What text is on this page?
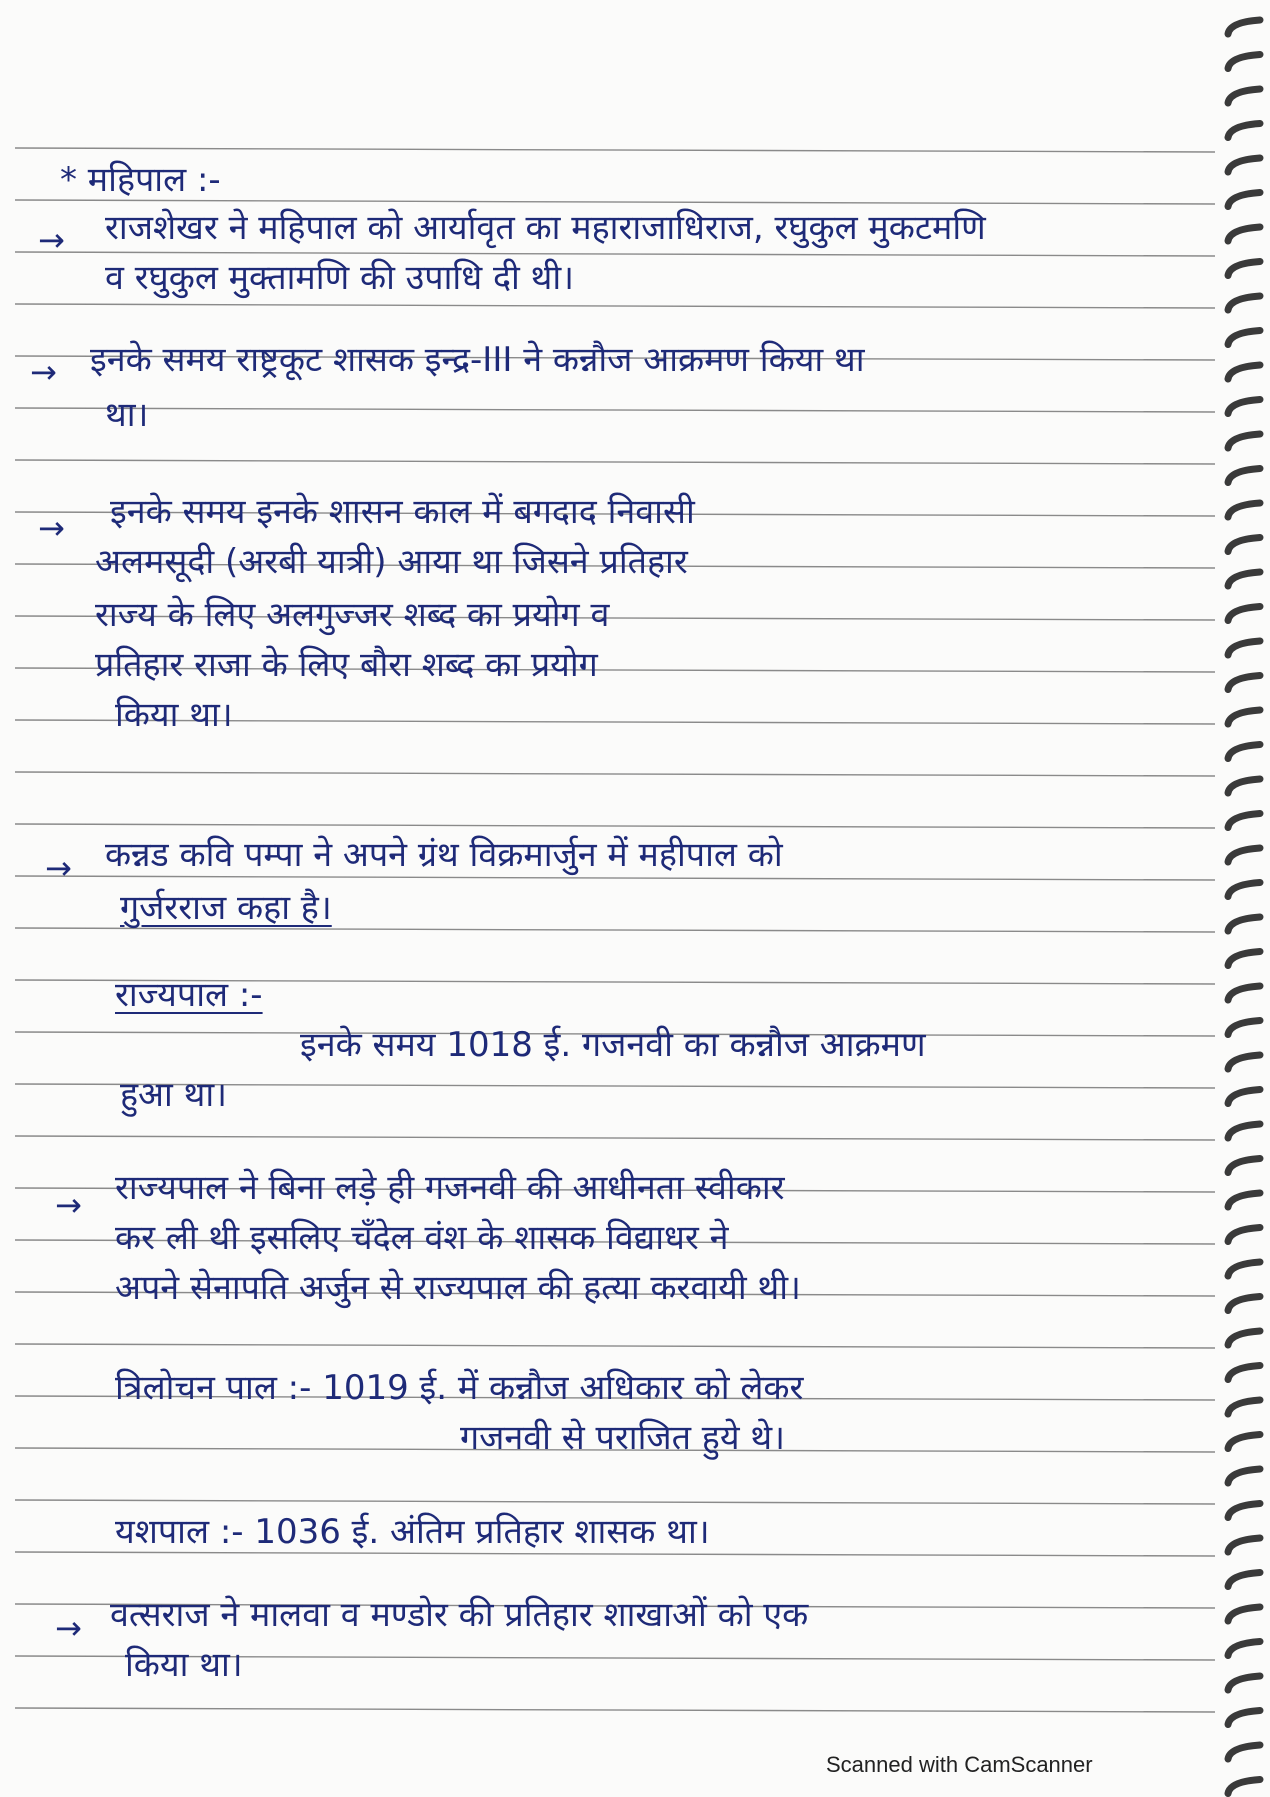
* महिपाल :-
→ राजशेखर ने महिपाल को आर्यावृत का महाराजाधिराज, रघुकुल मुकटमणि
व रघुकुल मुक्तामणि की उपाधि दी थी।
→ इनके समय राष्ट्रकूट शासक इन्द्र-III ने कन्नौज आक्रमण किया था
था।
→ इनके समय इनके शासन काल में बगदाद निवासी
अलमसूदी (अरबी यात्री) आया था जिसने प्रतिहार
राज्य के लिए अलगुज्जर शब्द का प्रयोग व
प्रतिहार राजा के लिए बौरा शब्द का प्रयोग
किया था।
→ कन्नड कवि पम्पा ने अपने ग्रंथ विक्रमार्जुन में महीपाल को
गुर्जरराज कहा है।
राज्यपाल :-
इनके समय 1018 ई. गजनवी का कन्नौज आक्रमण
हुआ था।
→ राज्यपाल ने बिना लड़े ही गजनवी की आधीनता स्वीकार
कर ली थी इसलिए चँदेल वंश के शासक विद्याधर ने
अपने सेनापति अर्जुन से राज्यपाल की हत्या करवायी थी।
त्रिलोचन पाल :- 1019 ई. में कन्नौज अधिकार को लेकर
गजनवी से पराजित हुये थे।
यशपाल :- 1036 ई. अंतिम प्रतिहार शासक था।
→ वत्सराज ने मालवा व मण्डोर की प्रतिहार शाखाओं को एक
किया था।
Scanned with CamScanner
